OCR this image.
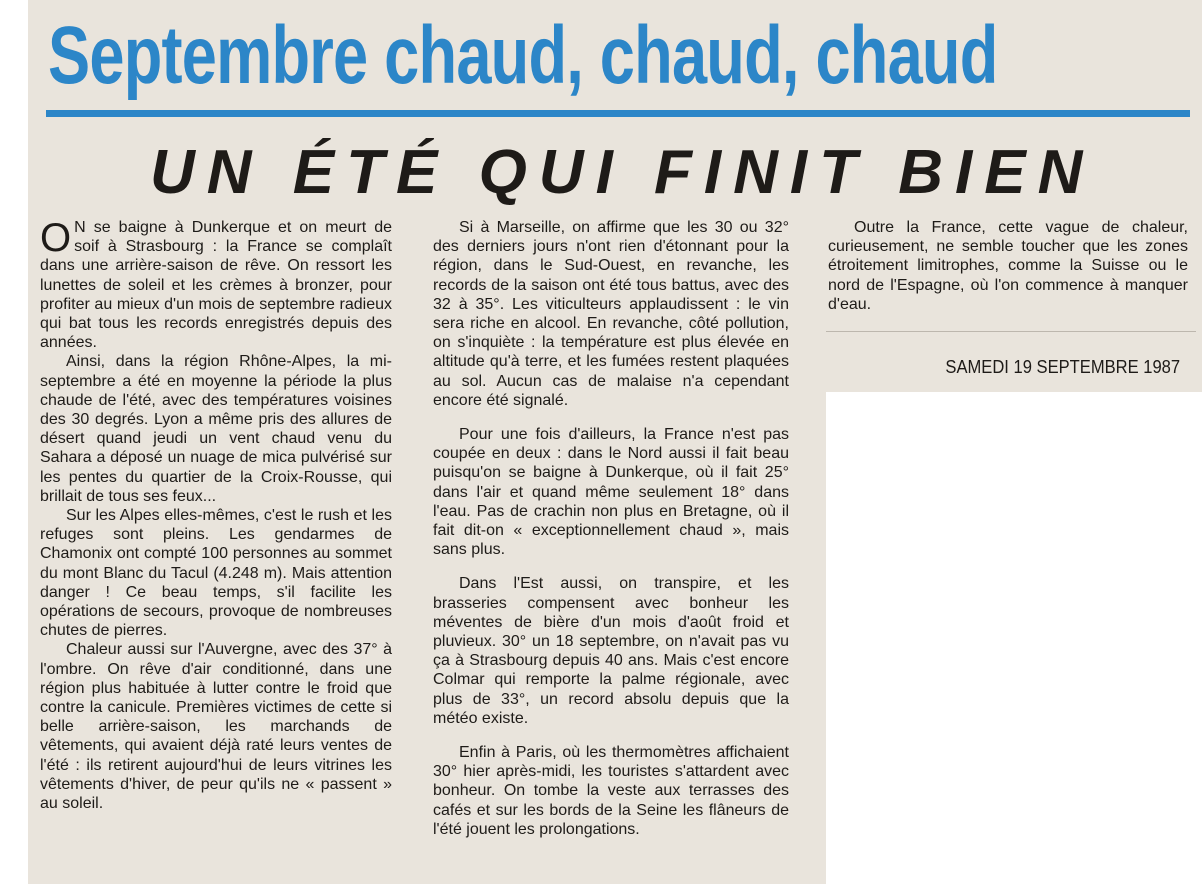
Septembre chaud, chaud, chaud
UN ÉTÉ QUI FINIT BIEN

O N se baigne à Dunkerque et on meurt de soif à Strasbourg : la France se complaît dans une arrière-saison de rêve. On ressort les lunettes de soleil et les crèmes à bronzer, pour profiter au mieux d'un mois de septembre radieux qui bat tous les records enregistrés depuis des années.

Ainsi, dans la région Rhône-Alpes, la mi-septembre a été en moyenne la période la plus chaude de l'été, avec des températures voisines des 30 degrés. Lyon a même pris des allures de désert quand jeudi un vent chaud venu du Sahara a déposé un nuage de mica pulvérisé sur les pentes du quartier de la Croix-Rousse, qui brillait de tous ses feux...

Sur les Alpes elles-mêmes, c'est le rush et les refuges sont pleins. Les gendarmes de Chamonix ont compté 100 personnes au sommet du mont Blanc du Tacul (4.248 m). Mais attention danger ! Ce beau temps, s'il facilite les opérations de secours, provoque de nombreuses chutes de pierres.

Chaleur aussi sur l'Auvergne, avec des 37° à l'ombre. On rêve d'air conditionné, dans une région plus habituée à lutter contre le froid que contre la canicule. Premières victimes de cette si belle arrière-saison, les marchands de vêtements, qui avaient déjà raté leurs ventes de l'été : ils retirent aujourd'hui de leurs vitrines les vêtements d'hiver, de peur qu'ils ne « passent » au soleil.

Si à Marseille, on affirme que les 30 ou 32° des derniers jours n'ont rien d'étonnant pour la région, dans le Sud-Ouest, en revanche, les records de la saison ont été tous battus, avec des 32 à 35°. Les viticulteurs applaudissent : le vin sera riche en alcool. En revanche, côté pollution, on s'inquiète : la température est plus élevée en altitude qu'à terre, et les fumées restent plaquées au sol. Aucun cas de malaise n'a cependant encore été signalé.

Pour une fois d'ailleurs, la France n'est pas coupée en deux : dans le Nord aussi il fait beau puisqu'on se baigne à Dunkerque, où il fait 25° dans l'air et quand même seulement 18° dans l'eau. Pas de crachin non plus en Bretagne, où il fait dit-on « exceptionnellement chaud », mais sans plus.

Dans l'Est aussi, on transpire, et les brasseries compensent avec bonheur les méventes de bière d'un mois d'août froid et pluvieux. 30° un 18 septembre, on n'avait pas vu ça à Strasbourg depuis 40 ans. Mais c'est encore Colmar qui remporte la palme régionale, avec plus de 33°, un record absolu depuis que la météo existe.

Enfin à Paris, où les thermomètres affichaient 30° hier après-midi, les touristes s'attardent avec bonheur. On tombe la veste aux terrasses des cafés et sur les bords de la Seine les flâneurs de l'été jouent les prolongations.

Outre la France, cette vague de chaleur, curieusement, ne semble toucher que les zones étroitement limitrophes, comme la Suisse ou le nord de l'Espagne, où l'on commence à manquer d'eau.

SAMEDI 19 SEPTEMBRE 1987
